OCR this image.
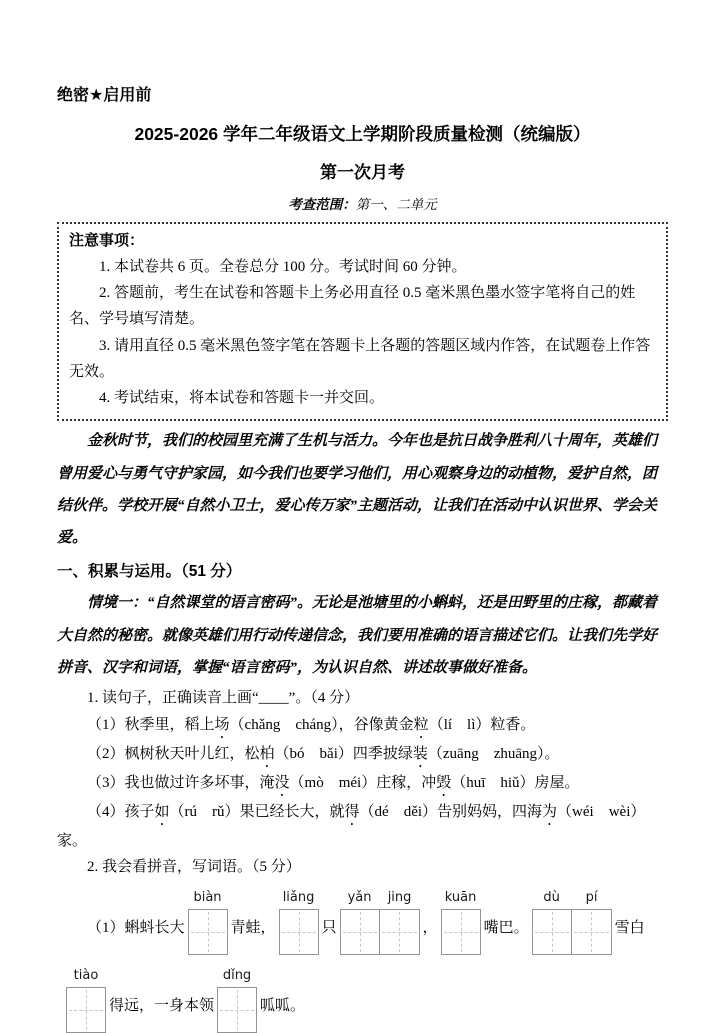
绝密★启用前
2025-2026 学年二年级语文上学期阶段质量检测（统编版）
第一次月考
考查范围：第一、二单元
注意事项：

1. 本试卷共 6 页。全卷总分 100 分。考试时间 60 分钟。

2. 答题前，考生在试卷和答题卡上务必用直径 0.5 毫米黑色墨水签字笔将自己的姓名、学号填写清楚。

3. 请用直径 0.5 毫米黑色签字笔在答题卡上各题的答题区域内作答，在试题卷上作答无效。

4. 考试结束，将本试卷和答题卡一并交回。

金秋时节，我们的校园里充满了生机与活力。今年也是抗日战争胜利八十周年，英雄们曾用爱心与勇气守护家园，如今我们也要学习他们，用心观察身边的动植物，爱护自然，团结伙伴。学校开展“自然小卫士，爱心传万家”主题活动，让我们在活动中认识世界、学会关爱。

一、积累与运用。（51 分）

情境一：“自然课堂的语言密码”。无论是池塘里的小蝌蚪，还是田野里的庄稼，都藏着大自然的秘密。就像英雄们用行动传递信念，我们要用准确的语言描述它们。让我们先学好拼音、汉字和词语，掌握“语言密码”，为认识自然、讲述故事做好准备。

1. 读句子，正确读音上画“____”。（4 分）

（1）秋季里，稻上场（chǎng　cháng），谷像黄金粒（lí　lì）粒香。

（2）枫树秋天叶儿红，松柏（bó　bǎi）四季披绿装（zuāng　zhuāng）。

（3）我也做过许多坏事，淹没（mò　méi）庄稼，冲毁（huī　hiǔ）房屋。

（4）孩子如（rú　rǔ）果已经长大，就得（dé　děi）告别妈妈，四海为（wéi　wèi）家。

2. 我会看拼音，写词语。（5 分）

（1）蝌蚪长大
biàn
青蛙，
liǎng
只
yǎn	jing
，
kuān
嘴巴。
dù	pí
雪白
tiào
得远，一身本领
dǐng
呱呱。
